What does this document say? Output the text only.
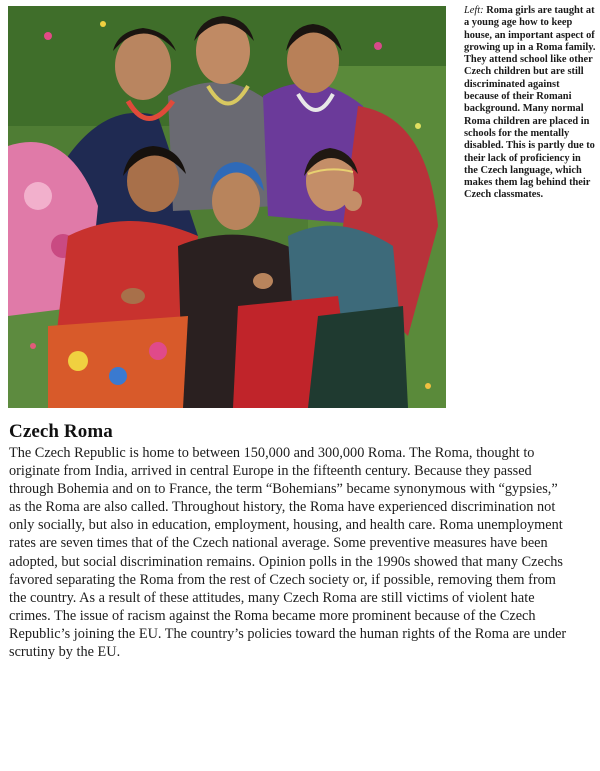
Left: Roma girls are taught at a young age how to keep house, an important aspect of growing up in a Roma family. They attend school like other Czech children but are still discriminated against because of their Romani background. Many normal Roma children are placed in schools for the mentally disabled. This is partly due to their lack of proficiency in the Czech language, which makes them lag behind their Czech classmates.
Czech Roma

The Czech Republic is home to between 150,000 and 300,000 Roma. The Roma, thought to originate from India, arrived in central Europe in the fifteenth century. Because they passed through Bohemia and on to France, the term “Bohemians” became synonymous with “gypsies,” as the Roma are also called. Throughout history, the Roma have experienced discrimination not only socially, but also in education, employment, housing, and health care. Roma unemployment rates are seven times that of the Czech national average. Some preventive measures have been adopted, but social discrimination remains. Opinion polls in the 1990s showed that many Czechs favored separating the Roma from the rest of Czech society or, if possible, removing them from the country. As a result of these attitudes, many Czech Roma are still victims of violent hate crimes. The issue of racism against the Roma became more prominent because of the Czech Republic’s joining the EU. The country’s policies toward the human rights of the Roma are under scrutiny by the EU.
